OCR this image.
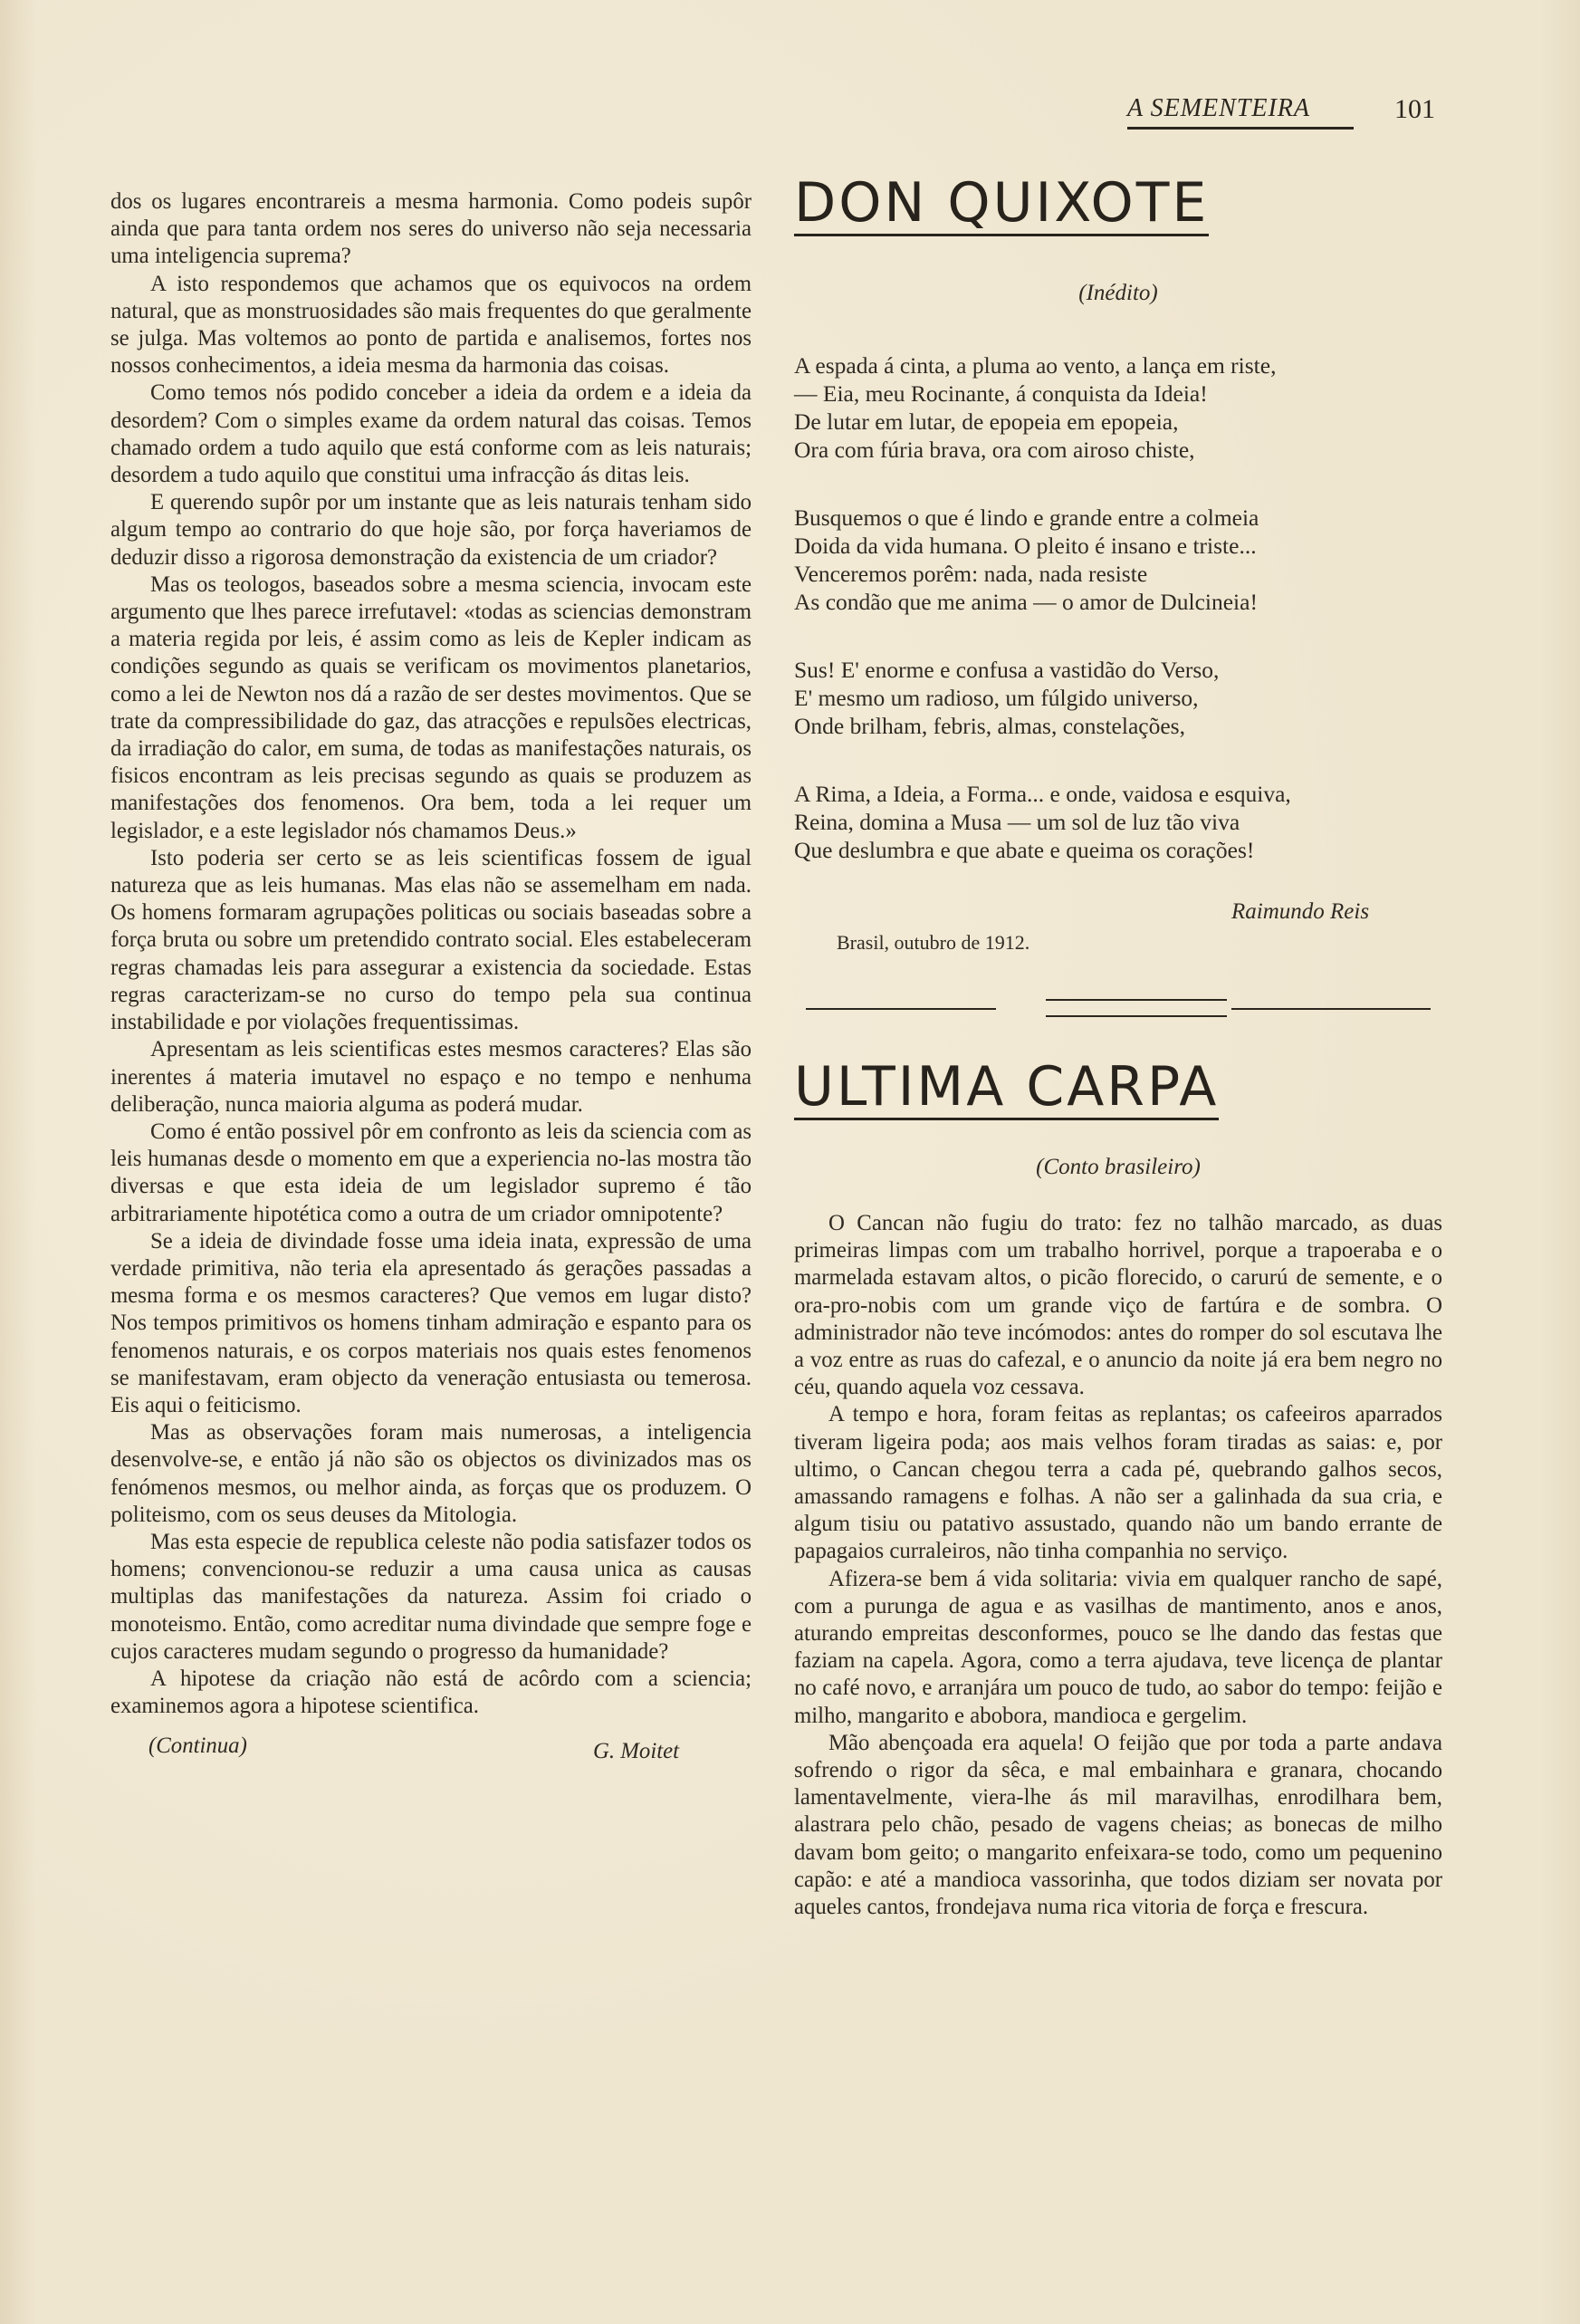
A SEMENTEIRA	101

dos os lugares encontrareis a mesma harmonia. Como podeis supôr ainda que para tanta ordem nos seres do universo não seja necessaria uma inteligencia suprema?

A isto respondemos que achamos que os equivocos na ordem natural, que as monstruosidades são mais frequentes do que geralmente se julga. Mas voltemos ao ponto de partida e analisemos, fortes nos nossos conhecimentos, a ideia mesma da harmonia das coisas.

Como temos nós podido conceber a ideia da ordem e a ideia da desordem? Com o simples exame da ordem natural das coisas. Temos chamado ordem a tudo aquilo que está conforme com as leis naturais; desordem a tudo aquilo que constitui uma infracção ás ditas leis.

E querendo supôr por um instante que as leis naturais tenham sido algum tempo ao contrario do que hoje são, por força haveriamos de deduzir disso a rigorosa demonstração da existencia de um criador?

Mas os teologos, baseados sobre a mesma sciencia, invocam este argumento que lhes parece irrefutavel: «todas as sciencias demonstram a materia regida por leis, é assim como as leis de Kepler indicam as condições segundo as quais se verificam os movimentos planetarios, como a lei de Newton nos dá a razão de ser destes movimentos. Que se trate da compressibilidade do gaz, das atracções e repulsões electricas, da irradiação do calor, em suma, de todas as manifestações naturais, os fisicos encontram as leis precisas segundo as quais se produzem as manifestações dos fenomenos. Ora bem, toda a lei requer um legislador, e a este legislador nós chamamos Deus.»

Isto poderia ser certo se as leis scientificas fossem de igual natureza que as leis humanas. Mas elas não se assemelham em nada. Os homens formaram agrupações politicas ou sociais baseadas sobre a força bruta ou sobre um pretendido contrato social. Eles estabeleceram regras chamadas leis para assegurar a existencia da sociedade. Estas regras caracterizam-se no curso do tempo pela sua continua instabilidade e por violações frequentissimas.

Apresentam as leis scientificas estes mesmos caracteres? Elas são inerentes á materia imutavel no espaço e no tempo e nenhuma deliberação, nunca maioria alguma as poderá mudar.

Como é então possivel pôr em confronto as leis da sciencia com as leis humanas desde o momento em que a experiencia no-las mostra tão diversas e que esta ideia de um legislador supremo é tão arbitrariamente hipotética como a outra de um criador omnipotente?

Se a ideia de divindade fosse uma ideia inata, expressão de uma verdade primitiva, não teria ela apresentado ás gerações passadas a mesma forma e os mesmos caracteres? Que vemos em lugar disto? Nos tempos primitivos os homens tinham admiração e espanto para os fenomenos naturais, e os corpos materiais nos quais estes fenomenos se manifestavam, eram objecto da veneração entusiasta ou temerosa. Eis aqui o feiticismo.

Mas as observações foram mais numerosas, a inteligencia desenvolve-se, e então já não são os objectos os divinizados mas os fenómenos mesmos, ou melhor ainda, as forças que os produzem. O politeismo, com os seus deuses da Mitologia.

Mas esta especie de republica celeste não podia satisfazer todos os homens; convencionou-se reduzir a uma causa unica as causas multiplas das manifestações da natureza. Assim foi criado o monoteismo. Então, como acreditar numa divindade que sempre foge e cujos caracteres mudam segundo o progresso da humanidade?

A hipotese da criação não está de acôrdo com a sciencia; examinemos agora a hipotese scientifica.

(Continua)	G. Moitet
DON QUIXOTE
(Inédito)
A espada á cinta, a pluma ao vento, a lança em riste,
— Eia, meu Rocinante, á conquista da Ideia!
De lutar em lutar, de epopeia em epopeia,
Ora com fúria brava, ora com airoso chiste,
Busquemos o que é lindo e grande entre a colmeia
Doida da vida humana. O pleito é insano e triste...
Venceremos porêm: nada, nada resiste
As condão que me anima — o amor de Dulcineia!
Sus! E' enorme e confusa a vastidão do Verso,
E' mesmo um radioso, um fúlgido universo,
Onde brilham, febris, almas, constelações,
A Rima, a Ideia, a Forma... e onde, vaidosa e esquiva,
Reina, domina a Musa — um sol de luz tão viva
Que deslumbra e que abate e queima os corações!
Raimundo Reis
Brasil, outubro de 1912.
ULTIMA CARPA
(Conto brasileiro)

O Cancan não fugiu do trato: fez no talhão marcado, as duas primeiras limpas com um trabalho horrivel, porque a trapoeraba e o marmelada estavam altos, o picão florecido, o carurú de semente, e o ora-pro-nobis com um grande viço de fartúra e de sombra. O administrador não teve incómodos: antes do romper do sol escutava lhe a voz entre as ruas do cafezal, e o anuncio da noite já era bem negro no céu, quando aquela voz cessava.

A tempo e hora, foram feitas as replantas; os cafeeiros aparrados tiveram ligeira poda; aos mais velhos foram tiradas as saias: e, por ultimo, o Cancan chegou terra a cada pé, quebrando galhos secos, amassando ramagens e folhas. A não ser a galinhada da sua cria, e algum tisiu ou patativo assustado, quando não um bando errante de papagaios curraleiros, não tinha companhia no serviço.

Afizera-se bem á vida solitaria: vivia em qualquer rancho de sapé, com a purunga de agua e as vasilhas de mantimento, anos e anos, aturando empreitas desconformes, pouco se lhe dando das festas que faziam na capela. Agora, como a terra ajudava, teve licença de plantar no café novo, e arranjára um pouco de tudo, ao sabor do tempo: feijão e milho, mangarito e abobora, mandioca e gergelim.

Mão abençoada era aquela! O feijão que por toda a parte andava sofrendo o rigor da sêca, e mal embainhara e granara, chocando lamentavelmente, viera-lhe ás mil maravilhas, enrodilhara bem, alastrara pelo chão, pesado de vagens cheias; as bonecas de milho davam bom geito; o mangarito enfeixara-se todo, como um pequenino capão: e até a mandioca vassorinha, que todos diziam ser novata por aqueles cantos, frondejava numa rica vitoria de força e frescura.
